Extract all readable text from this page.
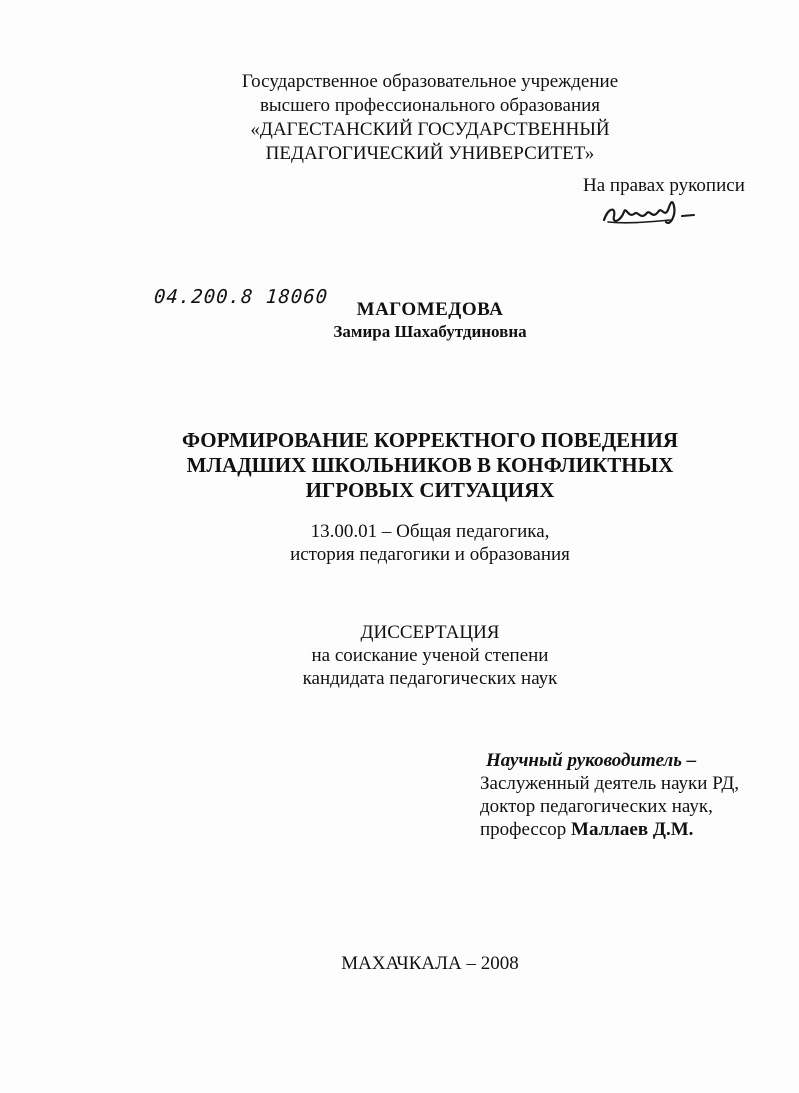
Государственное образовательное учреждение
высшего профессионального образования
«ДАГЕСТАНСКИЙ ГОСУДАРСТВЕННЫЙ
ПЕДАГОГИЧЕСКИЙ УНИВЕРСИТЕТ»
На правах рукописи
04.200.8 18060
МАГОМЕДОВА
Замира Шахабутдиновна
ФОРМИРОВАНИЕ КОРРЕКТНОГО ПОВЕДЕНИЯ
МЛАДШИХ ШКОЛЬНИКОВ В КОНФЛИКТНЫХ
ИГРОВЫХ СИТУАЦИЯХ
13.00.01 – Общая педагогика,
история педагогики и образования
ДИССЕРТАЦИЯ
на соискание ученой степени
кандидата педагогических наук
Научный руководитель –
Заслуженный деятель науки РД,
доктор педагогических наук,
профессор Маллаев Д.М.
МАХАЧКАЛА – 2008
